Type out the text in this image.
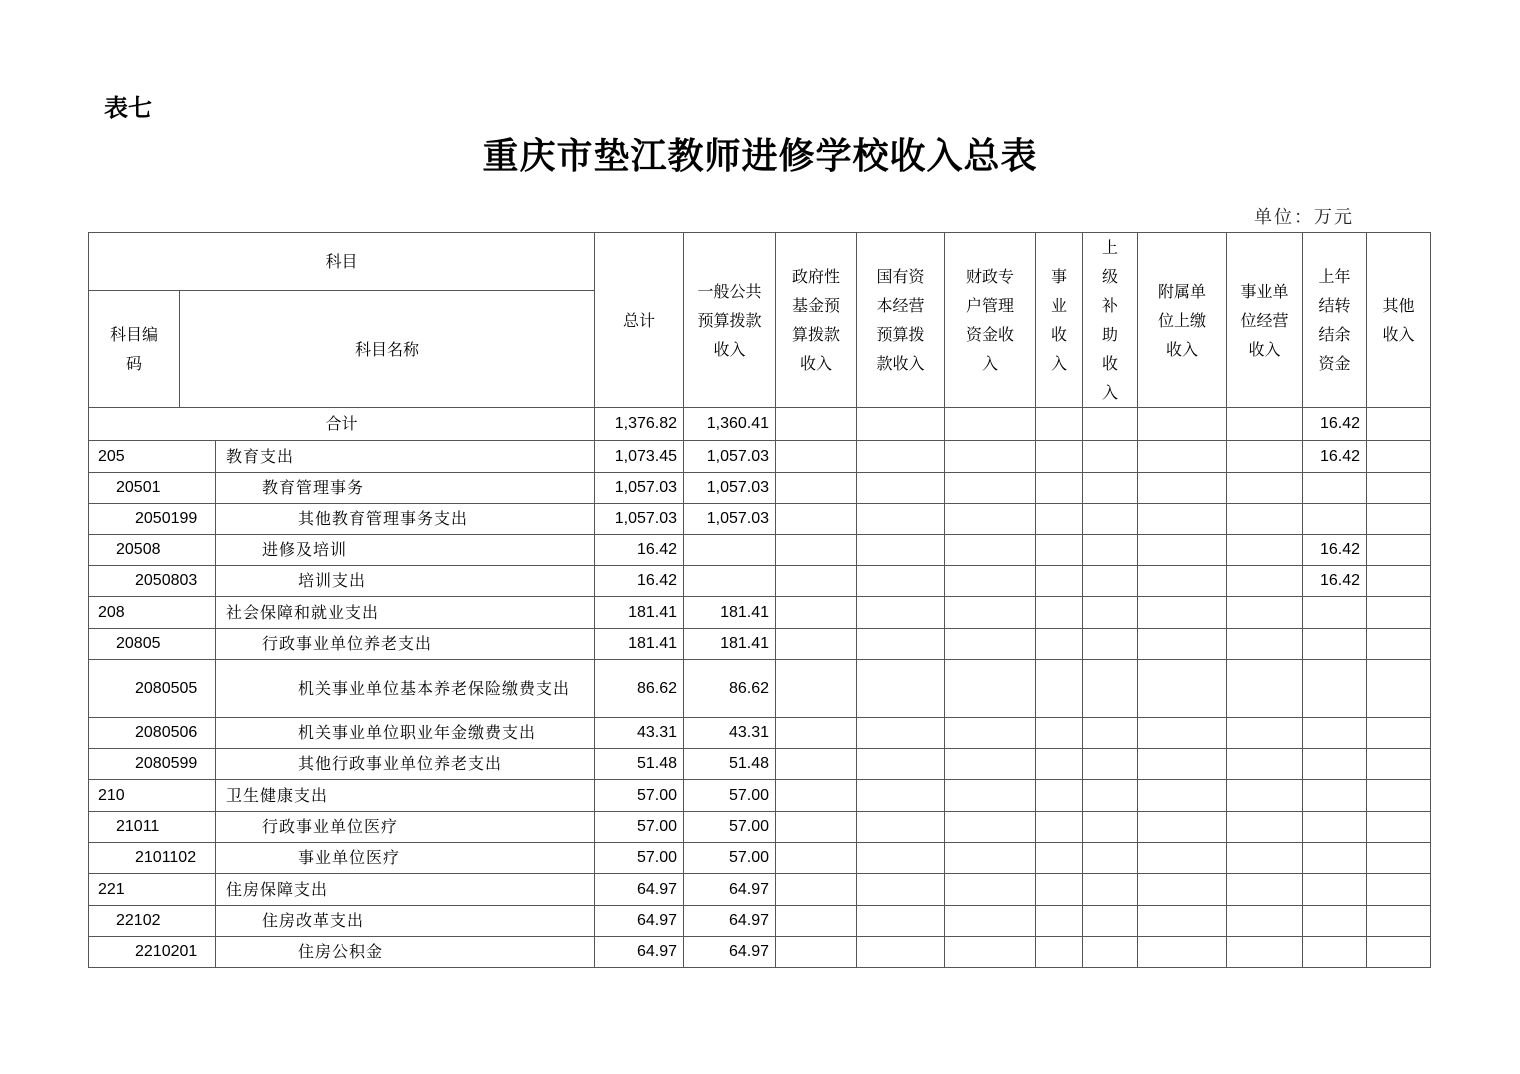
表七
重庆市垫江教师进修学校收入总表
单位：万元
科目			总计	一般公共预算拨款收入	政府性基金预算拨款收入	国有资本经营预算拨款收入	财政专户管理资金收入	事业收入	上级补助收入	附属单位上缴收入	事业单位经营收入	上年结转结余资金	其他收入
科目编码	科目名称												
合计			1,376.82	1,360.41								16.42	
205		教育支出	1,073.45	1,057.03								16.42	
20501		教育管理事务	1,057.03	1,057.03									
2050199		其他教育管理事务支出	1,057.03	1,057.03									
20508		进修及培训	16.42									16.42	
2050803		培训支出	16.42									16.42	
208		社会保障和就业支出	181.41	181.41									
20805		行政事业单位养老支出	181.41	181.41									
2080505		机关事业单位基本养老保险缴费支出	86.62	86.62									
2080506		机关事业单位职业年金缴费支出	43.31	43.31									
2080599		其他行政事业单位养老支出	51.48	51.48									
210		卫生健康支出	57.00	57.00									
21011		行政事业单位医疗	57.00	57.00									
2101102		事业单位医疗	57.00	57.00									
221		住房保障支出	64.97	64.97									
22102		住房改革支出	64.97	64.97									
2210201		住房公积金	64.97	64.97									
